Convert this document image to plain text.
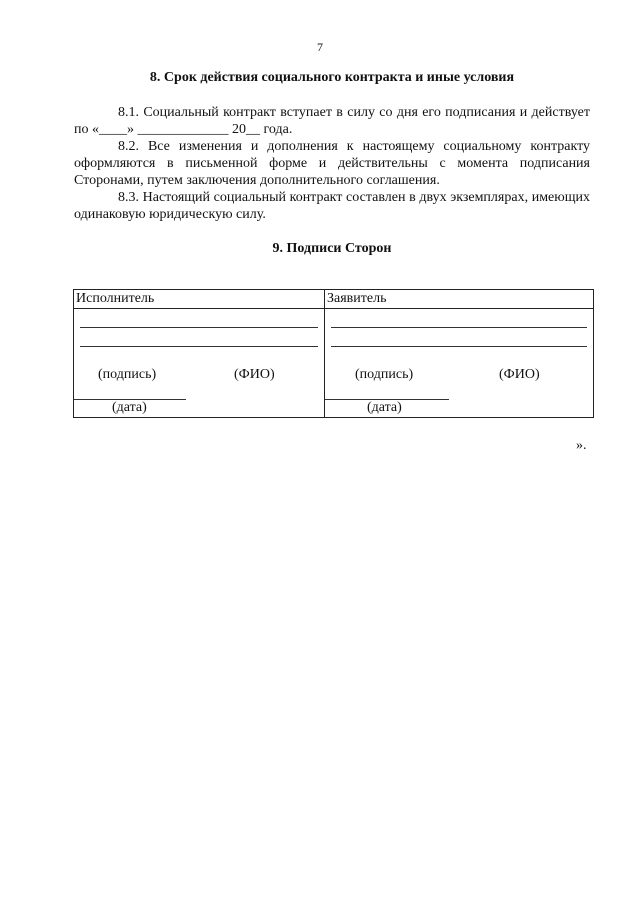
7
8. Срок действия социального контракта и иные условия

8.1. Социальный контракт вступает в силу со дня его подписания и действует по «____» _____________ 20__ года.

8.2. Все изменения и дополнения к настоящему социальному контракту оформляются в письменной форме и действительны с момента подписания Сторонами, путем заключения дополнительного соглашения.

8.3. Настоящий социальный контракт составлен в двух экземплярах, имеющих одинаковую юридическую силу.

9. Подписи Сторон
Исполнитель
(подпись)	(ФИО)
(дата)
Заявитель
(подпись)	(ФИО)
(дата)
».
